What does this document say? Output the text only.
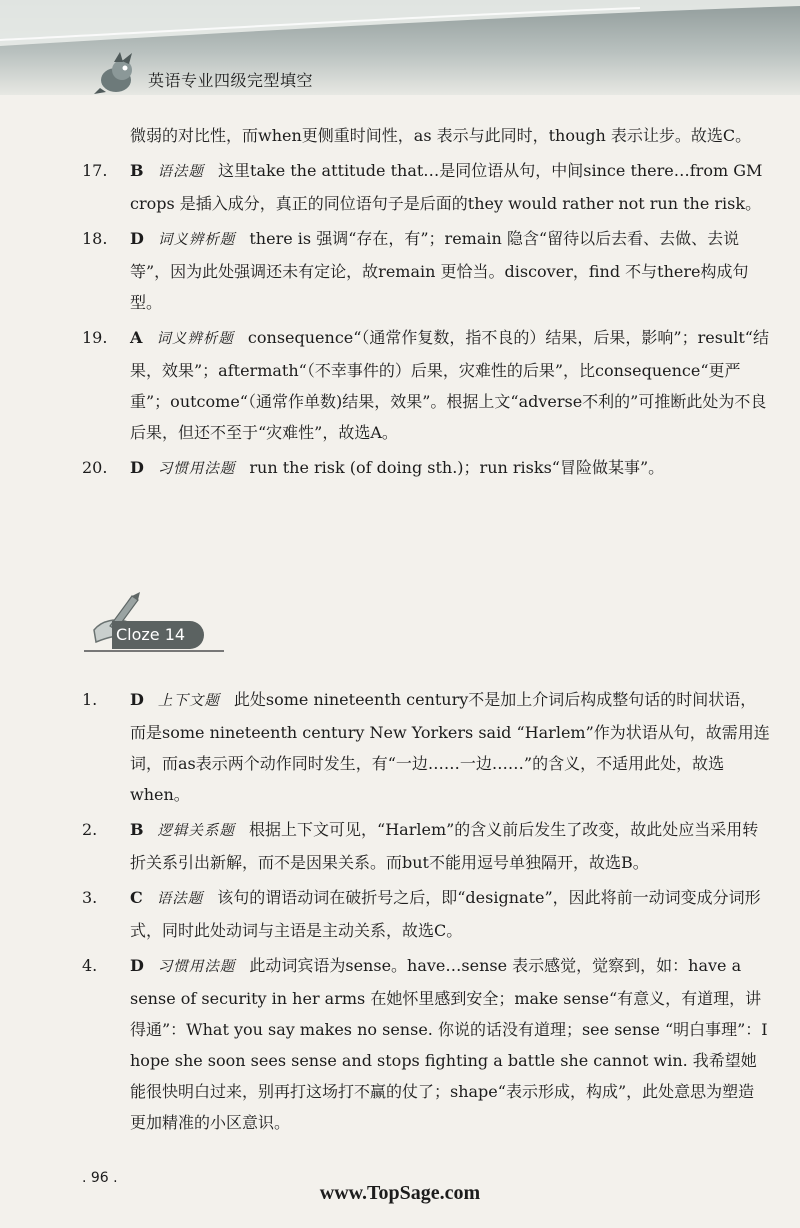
英语专业四级完型填空

微弱的对比性，而when更侧重时间性，as 表示与此同时，though 表示让步。故选C。

17. B 语法题 这里take the attitude that…是同位语从句，中间since there…from GM crops 是插入成分，真正的同位语句子是后面的they would rather not run the risk。

18. D 词义辨析题 there is 强调“存在，有”；remain 隐含“留待以后去看、去做、去说等”，因为此处强调还未有定论，故remain 更恰当。discover，find 不与there构成句型。

19. A 词义辨析题 consequence“（通常作复数，指不良的）结果，后果，影响”；result“结果，效果”；aftermath“（不幸事件的）后果，灾难性的后果”，比consequence“更严重”；outcome“（通常作单数)结果，效果”。根据上文“adverse不利的”可推断此处为不良后果，但还不至于“灾难性”，故选A。

20. D 习惯用法题 run the risk (of doing sth.)；run risks“冒险做某事”。

Cloze 14
1. D 上下文题 此处some nineteenth century不是加上介词后构成整句话的时间状语，而是some nineteenth century New Yorkers said “Harlem”作为状语从句，故需用连词，而as表示两个动作同时发生，有“一边……一边……”的含义，不适用此处，故选when。

2. B 逻辑关系题 根据上下文可见，“Harlem”的含义前后发生了改变，故此处应当采用转折关系引出新解，而不是因果关系。而but不能用逗号单独隔开，故选B。

3. C 语法题 该句的谓语动词在破折号之后，即“designate”，因此将前一动词变成分词形式，同时此处动词与主语是主动关系，故选C。

4. D 习惯用法题 此动词宾语为sense。have…sense 表示感觉，觉察到，如：have a sense of security in her arms 在她怀里感到安全；make sense“有意义，有道理，讲得通”：What you say makes no sense. 你说的话没有道理；see sense “明白事理”：I hope she soon sees sense and stops fighting a battle she cannot win. 我希望她能很快明白过来，别再打这场打不赢的仗了；shape“表示形成，构成”，此处意思为塑造更加精准的小区意识。

. 96 .
www.TopSage.com
